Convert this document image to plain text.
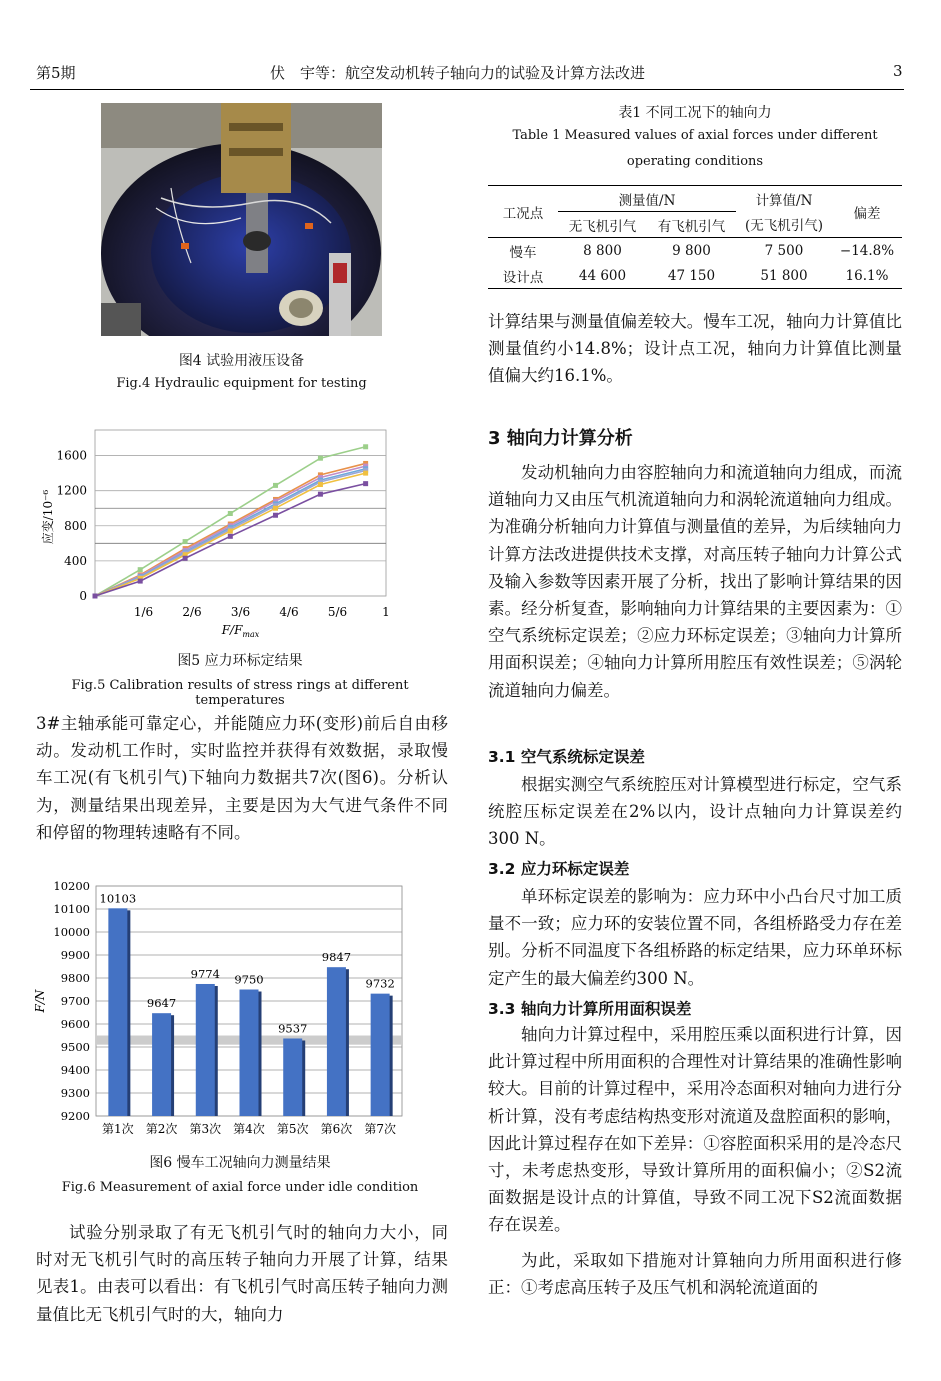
第5期	伏　宇等：航空发动机转子轴向力的试验及计算方法改进	3
图4 试验用液压设备
Fig.4 Hydraulic equipment for testing
0
400
800
1200
1600
1/6 2/6 3/6 4/6 5/6	1
应变/10⁻⁶
$F/F_{max}$
图5 应力环标定结果
Fig.5 Calibration results of stress rings at different temperatures

3#主轴承能可靠定心，并能随应力环(变形)前后自由移动。发动机工作时，实时监控并获得有效数据，录取慢车工况(有飞机引气)下轴向力数据共7次(图6)。分析认为，测量结果出现差异，主要是因为大气进气条件不同和停留的物理转速略有不同。

9200
9300
9400
9500
9600
9700
9800
9900
10000
10100
10200
10103
第1次
9647
第2次
9774
第3次
9750
第4次
9537
第5次
9847
第6次
9732
第7次
F/N
图6 慢车工况轴向力测量结果
Fig.6 Measurement of axial force under idle condition

试验分别录取了有无飞机引气时的轴向力大小，同时对无飞机引气时的高压转子轴向力开展了计算，结果见表1。由表可以看出：有飞机引气时高压转子轴向力测量值比无飞机引气时的大，轴向力

表1 不同工况下的轴向力
Table 1 Measured values of axial forces under different
operating conditions
工况点	测量值/N		计算值/N	偏差
	无飞机引气	有飞机引气	(无飞机引气)	
慢车	8 800	9 800	7 500	−14.8%
设计点	44 600	47 150	51 800	16.1%

计算结果与测量值偏差较大。慢车工况，轴向力计算值比测量值约小14.8%；设计点工况，轴向力计算值比测量值偏大约16.1%。

3 轴向力计算分析

发动机轴向力由容腔轴向力和流道轴向力组成，而流道轴向力又由压气机流道轴向力和涡轮流道轴向力组成。为准确分析轴向力计算值与测量值的差异，为后续轴向力计算方法改进提供技术支撑，对高压转子轴向力计算公式及输入参数等因素开展了分析，找出了影响计算结果的因素。经分析复查，影响轴向力计算结果的主要因素为：①空气系统标定误差；②应力环标定误差；③轴向力计算所用面积误差；④轴向力计算所用腔压有效性误差；⑤涡轮流道轴向力偏差。

3.1 空气系统标定误差

根据实测空气系统腔压对计算模型进行标定，空气系统腔压标定误差在2%以内，设计点轴向力计算误差约300 N。

3.2 应力环标定误差

单环标定误差的影响为：应力环中小凸台尺寸加工质量不一致；应力环的安装位置不同，各组桥路受力存在差别。分析不同温度下各组桥路的标定结果，应力环单环标定产生的最大偏差约300 N。

3.3 轴向力计算所用面积误差

轴向力计算过程中，采用腔压乘以面积进行计算，因此计算过程中所用面积的合理性对计算结果的准确性影响较大。目前的计算过程中，采用冷态面积对轴向力进行分析计算，没有考虑结构热变形对流道及盘腔面积的影响，因此计算过程存在如下差异：①容腔面积采用的是冷态尺寸，未考虑热变形，导致计算所用的面积偏小；②S2流面数据是设计点的计算值，导致不同工况下S2流面数据存在误差。

为此，采取如下措施对计算轴向力所用面积进行修正：①考虑高压转子及压气机和涡轮流道面的
